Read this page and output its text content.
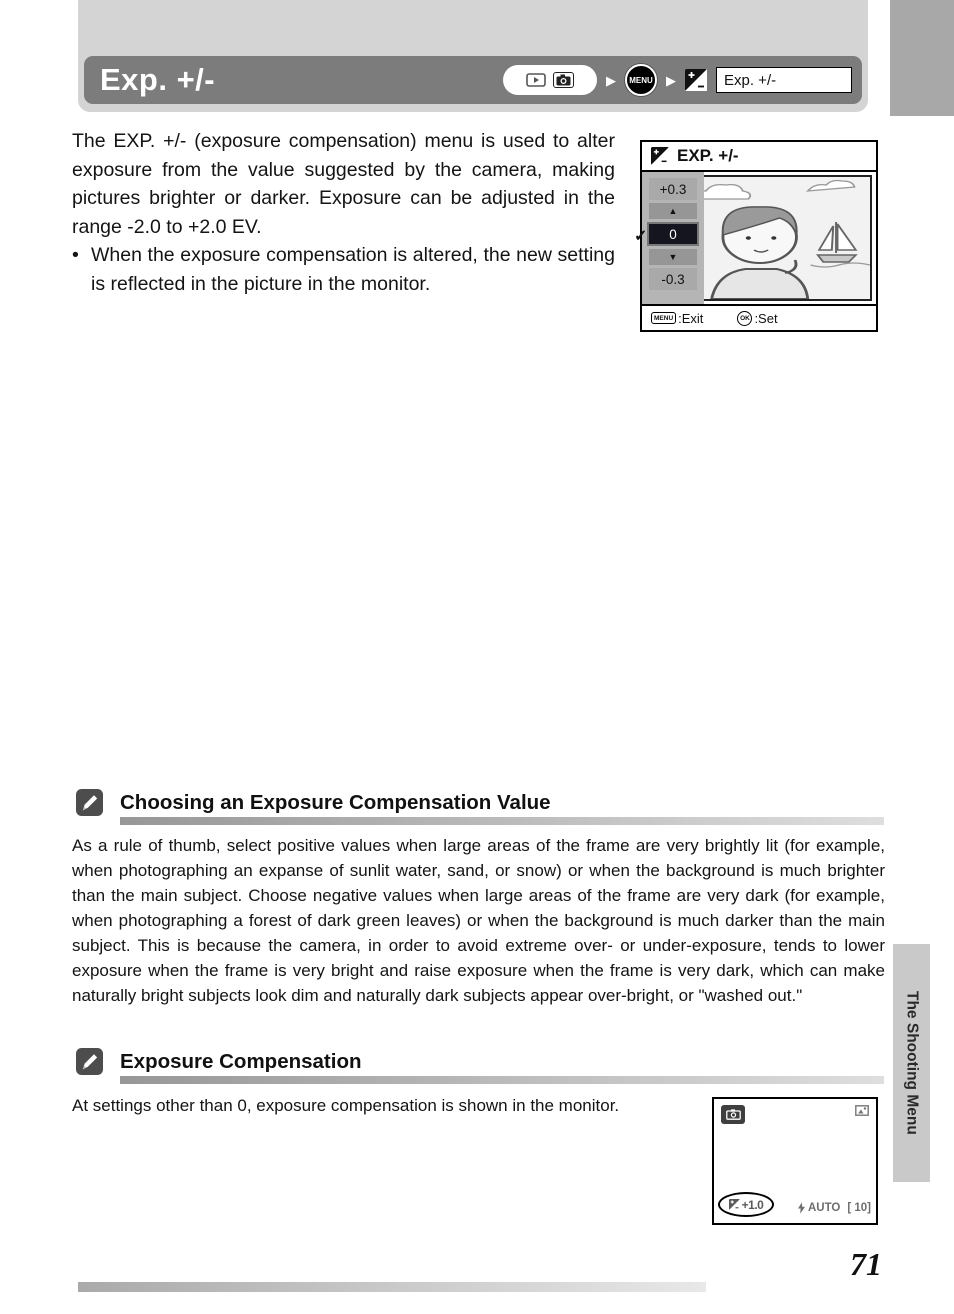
Exp. +/-	▶	MENU	▶	Exp. +/-
The EXP. +/- (exposure compensation) menu is used to alter exposure from the value suggested by the camera, making pictures brighter or darker. Exposure can be adjusted in the range -2.0 to +2.0 EV.
• When the exposure compensation is altered, the new setting is reflected in the picture in the monitor.
EXP. +/-
+0.3
▲
✓ 0
▼
-0.3
MENU :Exit	OK :Set
Choosing an Exposure Compensation Value
As a rule of thumb, select positive values when large areas of the frame are very brightly lit (for example, when photographing an expanse of sunlit water, sand, or snow) or when the background is much brighter than the main subject. Choose negative values when large areas of the frame are very dark (for example, when photographing a forest of dark green leaves) or when the background is much darker than the main subject. This is because the camera, in order to avoid extreme over- or under-exposure, tends to lower exposure when the frame is very bright and raise exposure when the frame is very dark, which can make naturally bright subjects look dim and naturally dark subjects appear over-bright, or "washed out."
Exposure Compensation
At settings other than 0, exposure compensation is shown in the monitor.
+1.0	AUTO [ 10]
The Shooting Menu
71
